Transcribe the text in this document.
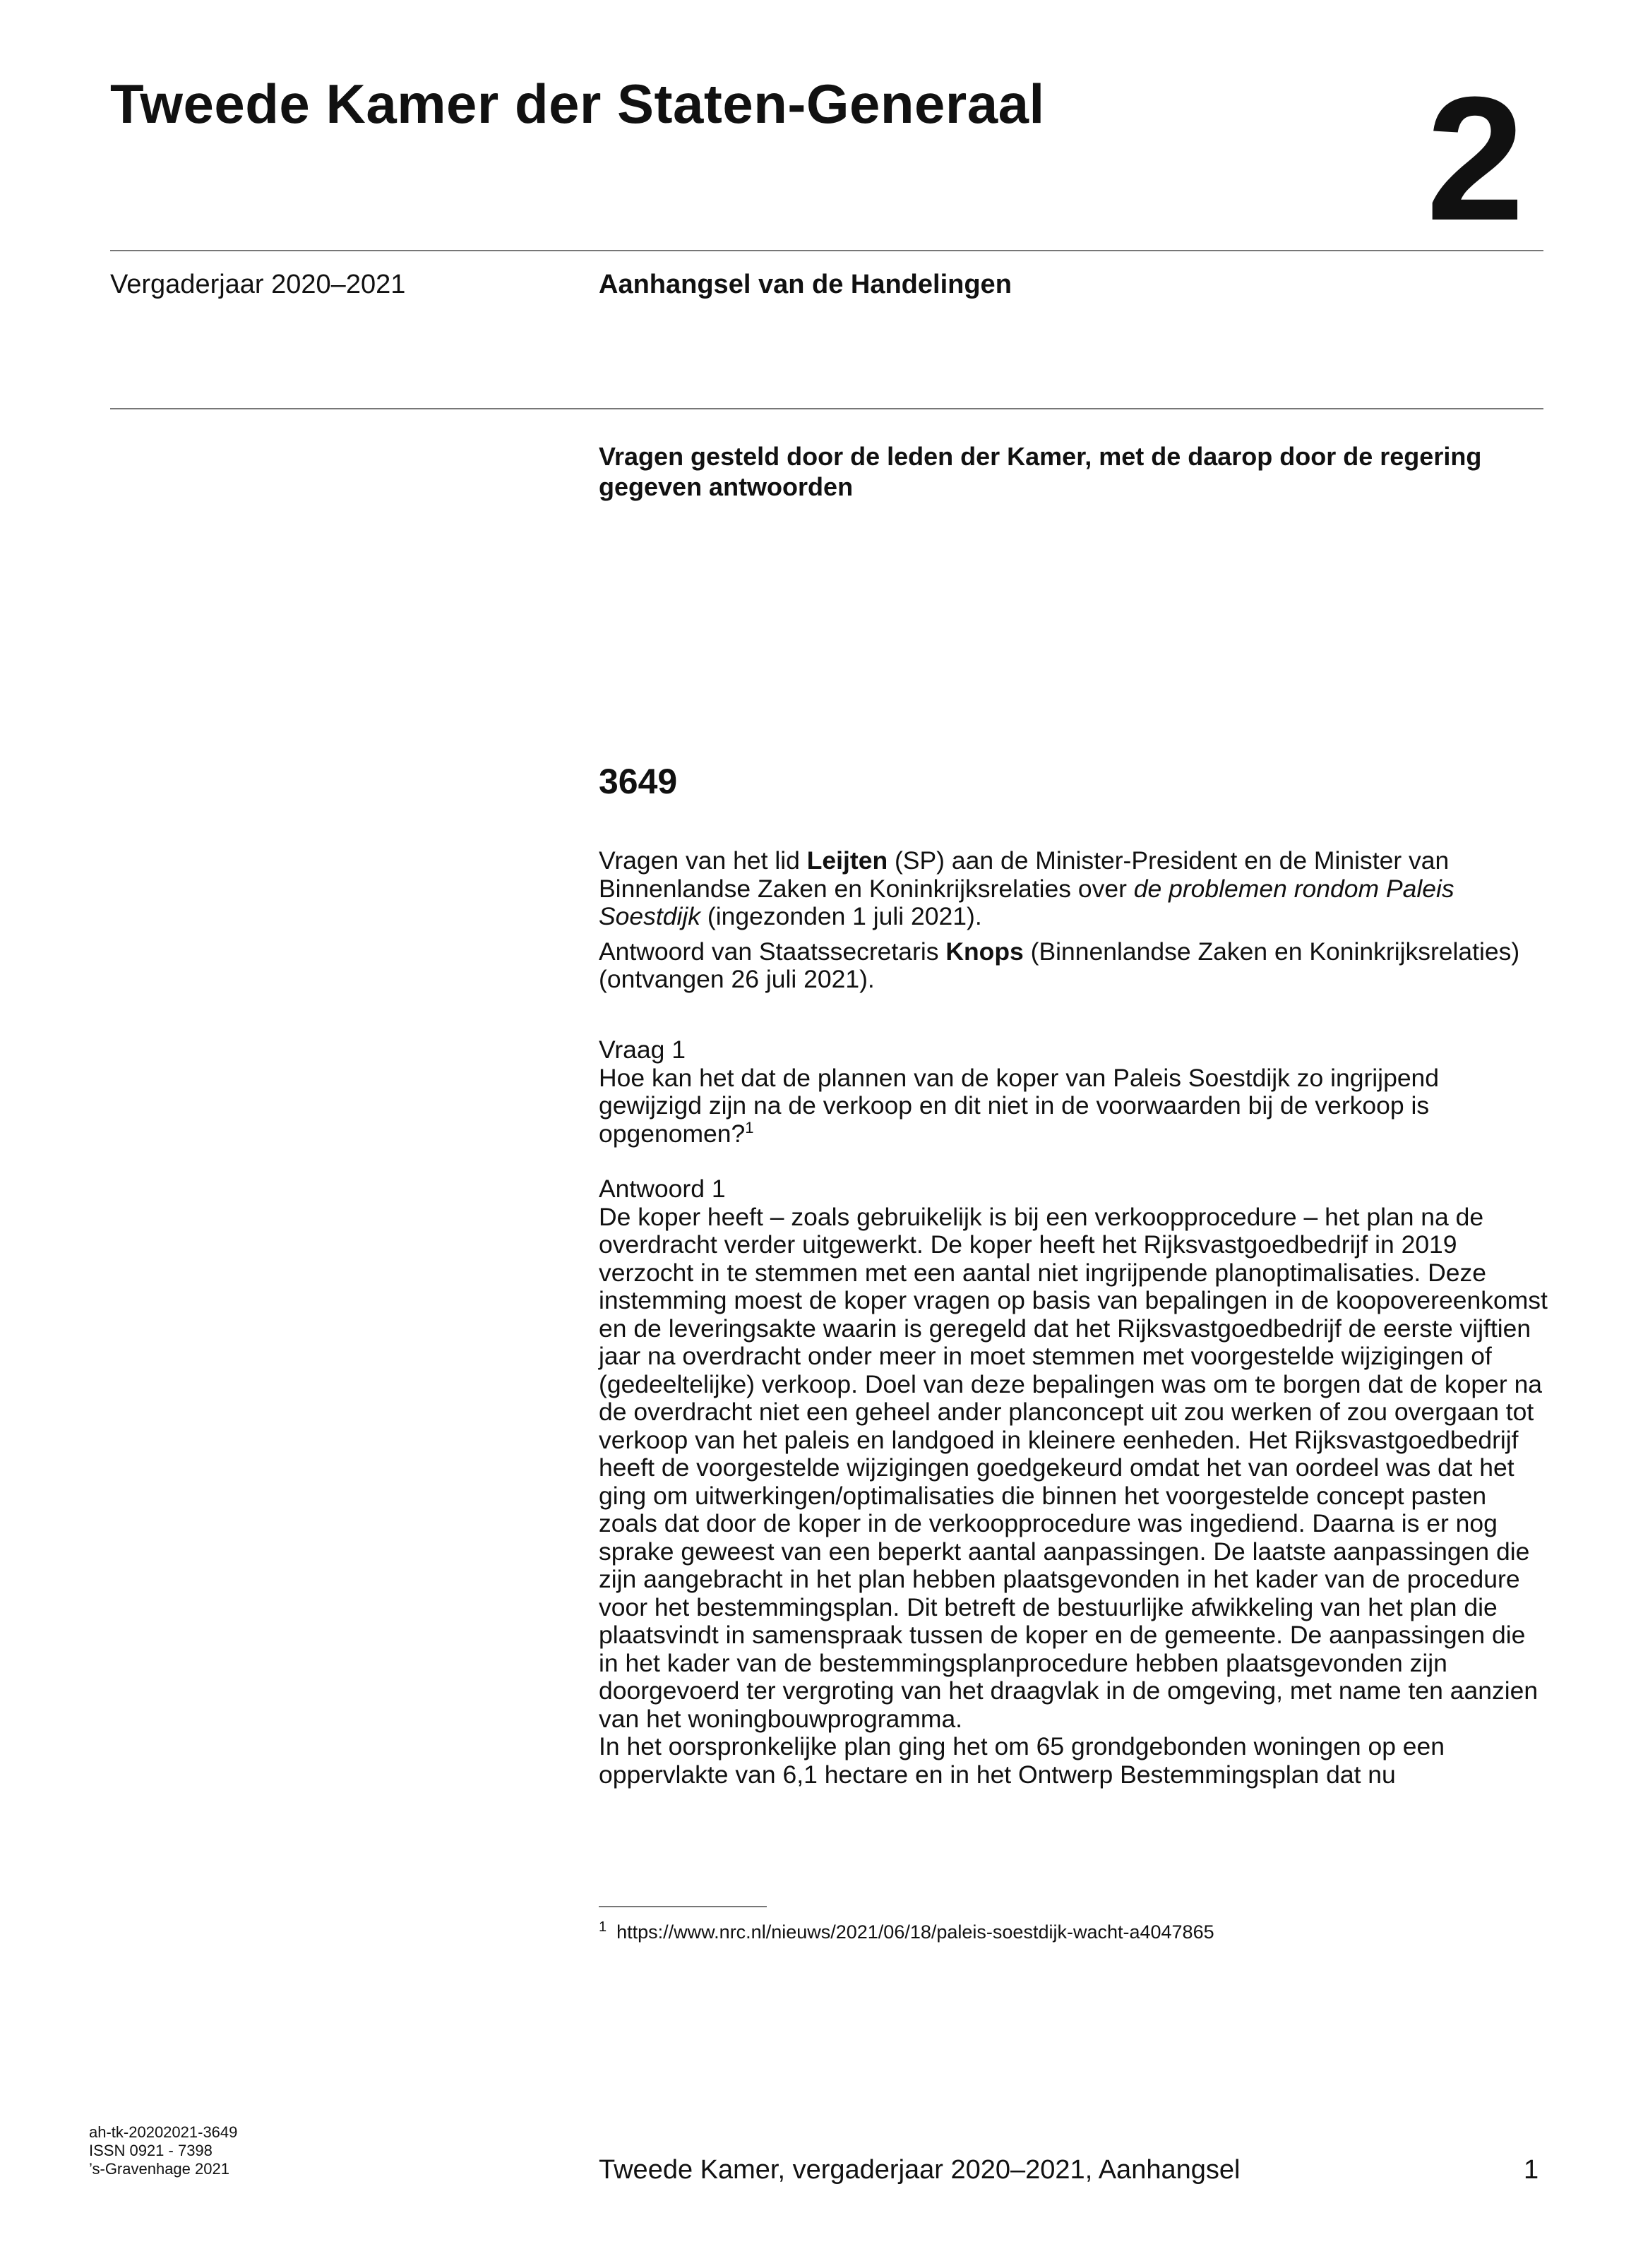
Tweede Kamer der Staten-Generaal 2
Vergaderjaar 2020–2021	Aanhangsel van de Handelingen
Vragen gesteld door de leden der Kamer, met de daarop door de regering gegeven antwoorden
3649

Vragen van het lid Leijten (SP) aan de Minister-President en de Minister van Binnenlandse Zaken en Koninkrijksrelaties over de problemen rondom Paleis Soestdijk (ingezonden 1 juli 2021).

Antwoord van Staatssecretaris Knops (Binnenlandse Zaken en Koninkrijksrelaties) (ontvangen 26 juli 2021).

Vraag 1

Hoe kan het dat de plannen van de koper van Paleis Soestdijk zo ingrijpend gewijzigd zijn na de verkoop en dit niet in de voorwaarden bij de verkoop is opgenomen?$^1$

Antwoord 1

De koper heeft – zoals gebruikelijk is bij een verkoopprocedure – het plan na de overdracht verder uitgewerkt. De koper heeft het Rijksvastgoedbedrijf in 2019 verzocht in te stemmen met een aantal niet ingrijpende planoptimalisaties. Deze instemming moest de koper vragen op basis van bepalingen in de koopovereenkomst en de leveringsakte waarin is geregeld dat het Rijksvastgoedbedrijf de eerste vijftien jaar na overdracht onder meer in moet stemmen met voorgestelde wijzigingen of (gedeeltelijke) verkoop. Doel van deze bepalingen was om te borgen dat de koper na de overdracht niet een geheel ander planconcept uit zou werken of zou overgaan tot verkoop van het paleis en landgoed in kleinere eenheden. Het Rijksvastgoedbedrijf heeft de voorgestelde wijzigingen goedgekeurd omdat het van oordeel was dat het ging om uitwerkingen/optimalisaties die binnen het voorgestelde concept pasten zoals dat door de koper in de verkoopprocedure was ingediend. Daarna is er nog sprake geweest van een beperkt aantal aanpassingen. De laatste aanpassingen die zijn aangebracht in het plan hebben plaatsgevonden in het kader van de procedure voor het bestemmingsplan. Dit betreft de bestuurlijke afwikkeling van het plan die plaatsvindt in samenspraak tussen de koper en de gemeente. De aanpassingen die in het kader van de bestemmingsplanprocedure hebben plaatsgevonden zijn doorgevoerd ter vergroting van het draagvlak in de omgeving, met name ten aanzien van het woningbouwprogramma.

In het oorspronkelijke plan ging het om 65 grondgebonden woningen op een oppervlakte van 6,1 hectare en in het Ontwerp Bestemmingsplan dat nu

$^1$ https://www.nrc.nl/nieuws/2021/06/18/paleis-soestdijk-wacht-a4047865
ah-tk-20202021-3649
ISSN 0921 - 7398
’s-Gravenhage 2021	Tweede Kamer, vergaderjaar 2020–2021, Aanhangsel	1
